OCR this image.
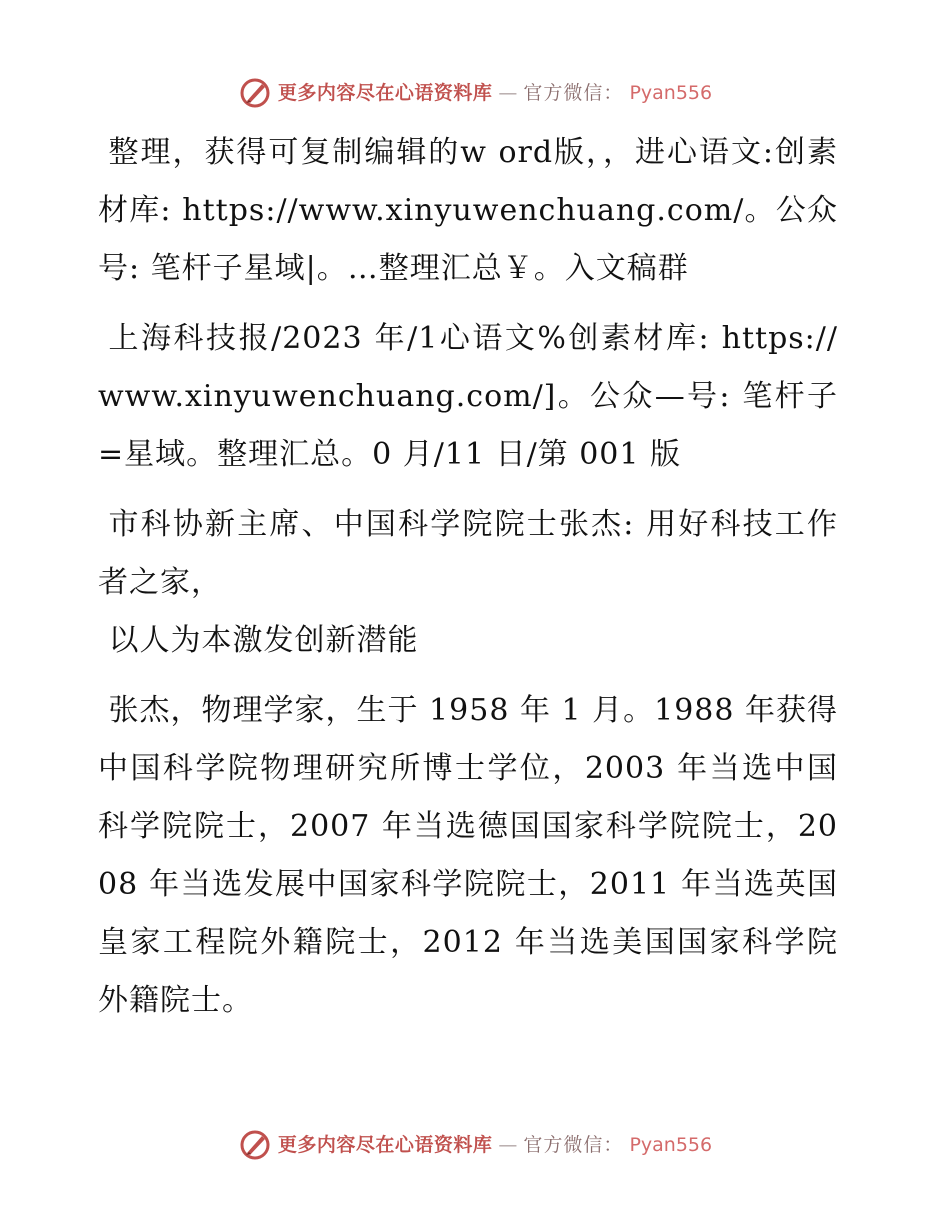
更多内容尽在心语资料库 — 官方微信： Pyan556

整理，获得可复制编辑的w ord版，，进心语文:创素材库: https://www.xinyuwenchuang.com/。公众号: 笔杆子星域|。…整理汇总￥。入文稿群

上海科技报/2023 年/1心语文%创素材库: https://www.xinyuwenchuang.com/]。公众—号: 笔杆子=星域。整理汇总。0 月/11 日/第 001 版

市科协新主席、中国科学院院士张杰: 用好科技工作者之家，

以人为本激发创新潜能

张杰，物理学家，生于 1958 年 1 月。1988 年获得中国科学院物理研究所博士学位，2003 年当选中国科学院院士，2007 年当选德国国家科学院院士，2008 年当选发展中国家科学院院士，2011 年当选英国皇家工程院外籍院士，2012 年当选美国国家科学院外籍院士。

更多内容尽在心语资料库 — 官方微信： Pyan556
